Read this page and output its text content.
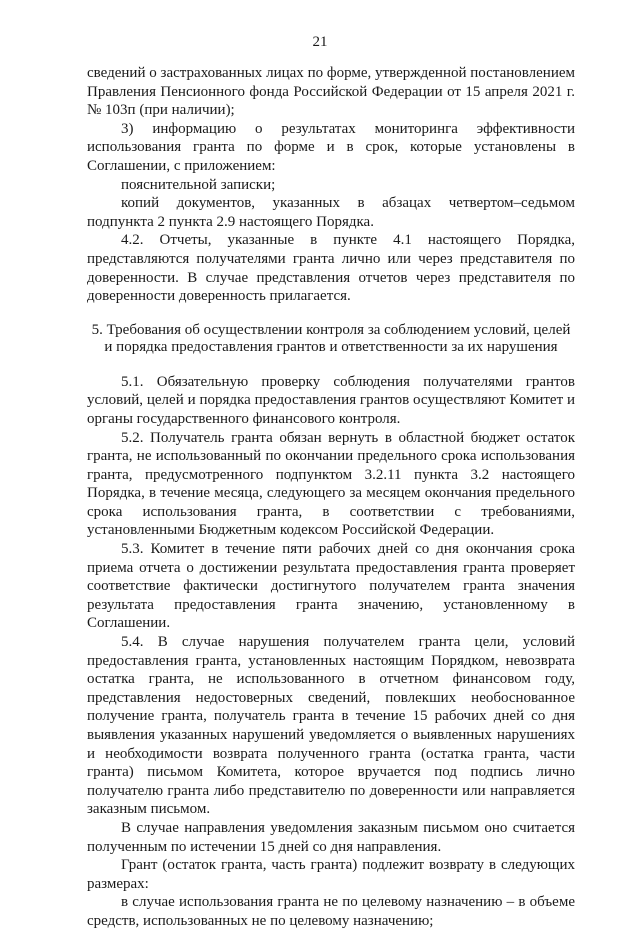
21

сведений о застрахованных лицах по форме, утвержденной постановлением Правления Пенсионного фонда Российской Федерации от 15 апреля 2021 г. № 103п (при наличии);

3) информацию о результатах мониторинга эффективности использования гранта по форме и в срок, которые установлены в Соглашении, с приложением:

пояснительной записки;

копий документов, указанных в абзацах четвертом–седьмом подпункта 2 пункта 2.9 настоящего Порядка.

4.2. Отчеты, указанные в пункте 4.1 настоящего Порядка, представляются получателями гранта лично или через представителя по доверенности. В случае представления отчетов через представителя по доверенности доверенность прилагается.

5. Требования об осуществлении контроля за соблюдением условий, целей и порядка предоставления грантов и ответственности за их нарушения

5.1. Обязательную проверку соблюдения получателями грантов условий, целей и порядка предоставления грантов осуществляют Комитет и органы государственного финансового контроля.

5.2. Получатель гранта обязан вернуть в областной бюджет остаток гранта, не использованный по окончании предельного срока использования гранта, предусмотренного подпунктом 3.2.11 пункта 3.2 настоящего Порядка, в течение месяца, следующего за месяцем окончания предельного срока использования гранта, в соответствии с требованиями, установленными Бюджетным кодексом Российской Федерации.

5.3. Комитет в течение пяти рабочих дней со дня окончания срока приема отчета о достижении результата предоставления гранта проверяет соответствие фактически достигнутого получателем гранта значения результата предоставления гранта значению, установленному в Соглашении.

5.4. В случае нарушения получателем гранта цели, условий предоставления гранта, установленных настоящим Порядком, невозврата остатка гранта, не использованного в отчетном финансовом году, представления недостоверных сведений, повлекших необоснованное получение гранта, получатель гранта в течение 15 рабочих дней со дня выявления указанных нарушений уведомляется о выявленных нарушениях и необходимости возврата полученного гранта (остатка гранта, части гранта) письмом Комитета, которое вручается под подпись лично получателю гранта либо представителю по доверенности или направляется заказным письмом.

В случае направления уведомления заказным письмом оно считается полученным по истечении 15 дней со дня направления.

Грант (остаток гранта, часть гранта) подлежит возврату в следующих размерах:

в случае использования гранта не по целевому назначению – в объеме средств, использованных не по целевому назначению;
